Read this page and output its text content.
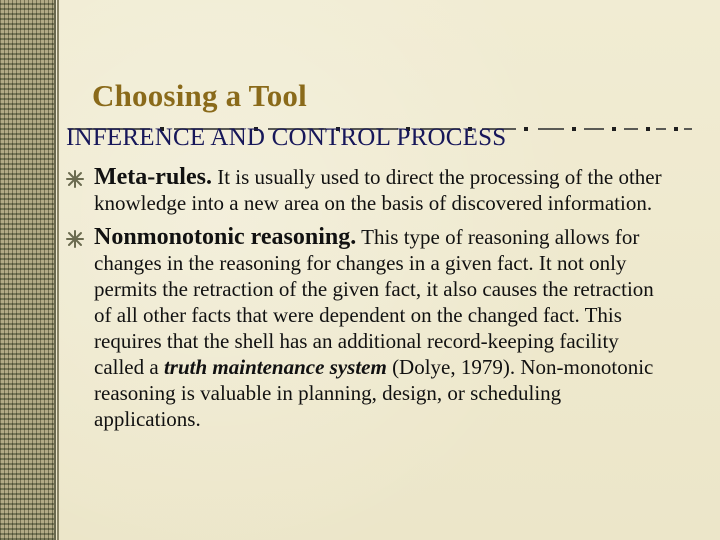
Choosing a Tool
INFERENCE AND CONTROL PROCESS
Meta-rules. It is usually used to direct the processing of the other knowledge into a new area on the basis of discovered information.
Nonmonotonic reasoning. This type of reasoning allows for changes in the reasoning for changes in a given fact. It not only permits the retraction of the given fact, it also causes the retraction of all other facts that were dependent on the changed fact. This requires that the shell has an additional record-keeping facility called a truth maintenance system (Dolye, 1979). Non-monotonic reasoning is valuable in planning, design, or scheduling applications.
